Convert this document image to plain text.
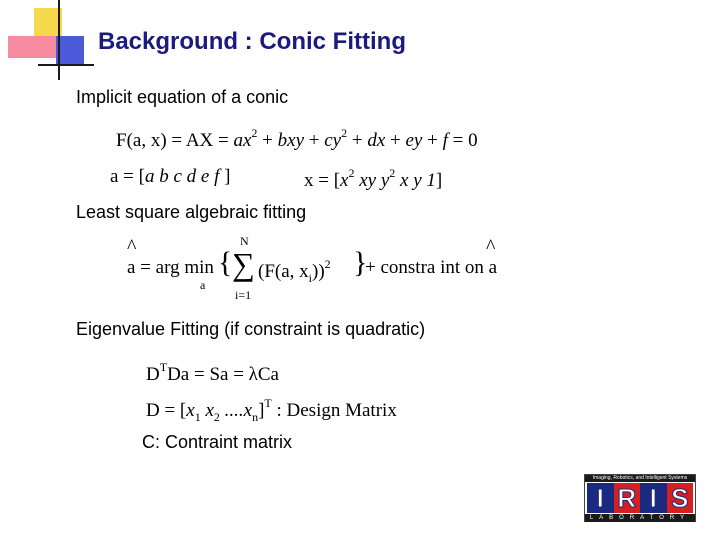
Background : Conic Fitting
Implicit equation of a conic
F(a, x) = AX = $ax^2$ + bxy + $cy^2$ + dx + ey + f = 0
a = [a b c d e f ]	$x = [x^2$ xy $y^2$ x y 1]
Least square algebraic fitting
^
a = arg min
a
{
N
∑
i=1
(F(a, $x_i))^2$ }
+ constra int on a
^
Eigenvalue Fitting (if constraint is quadratic)
$D^TDa = Sa = \lambda Ca$
$D = [x_1$ $x_2$ $....x_n]^T$ : Design Matrix
C: Contraint matrix
Imaging, Robotics, and Intelligent Systems
I R I S
LABORATORY
